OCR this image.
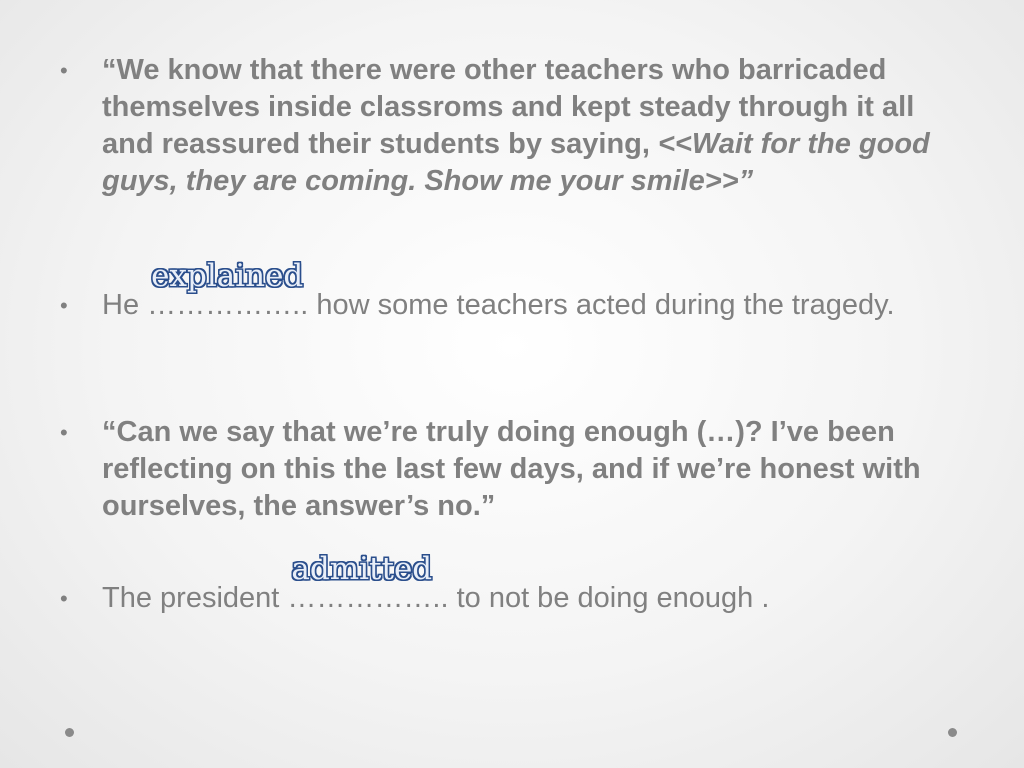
• “We know that there were other teachers who barricaded themselves inside classroms and kept steady through it all and reassured their students by saying, <<Wait for the good guys, they are coming. Show me your smile>>”
• He ……………..
explained
how some teachers acted during the tragedy.
• “Can we say that we’re truly doing enough (…)? I’ve been reflecting on this the last few days, and if we’re honest with ourselves, the answer’s no.”
• The president ……………..
admitted
to not be doing enough .
